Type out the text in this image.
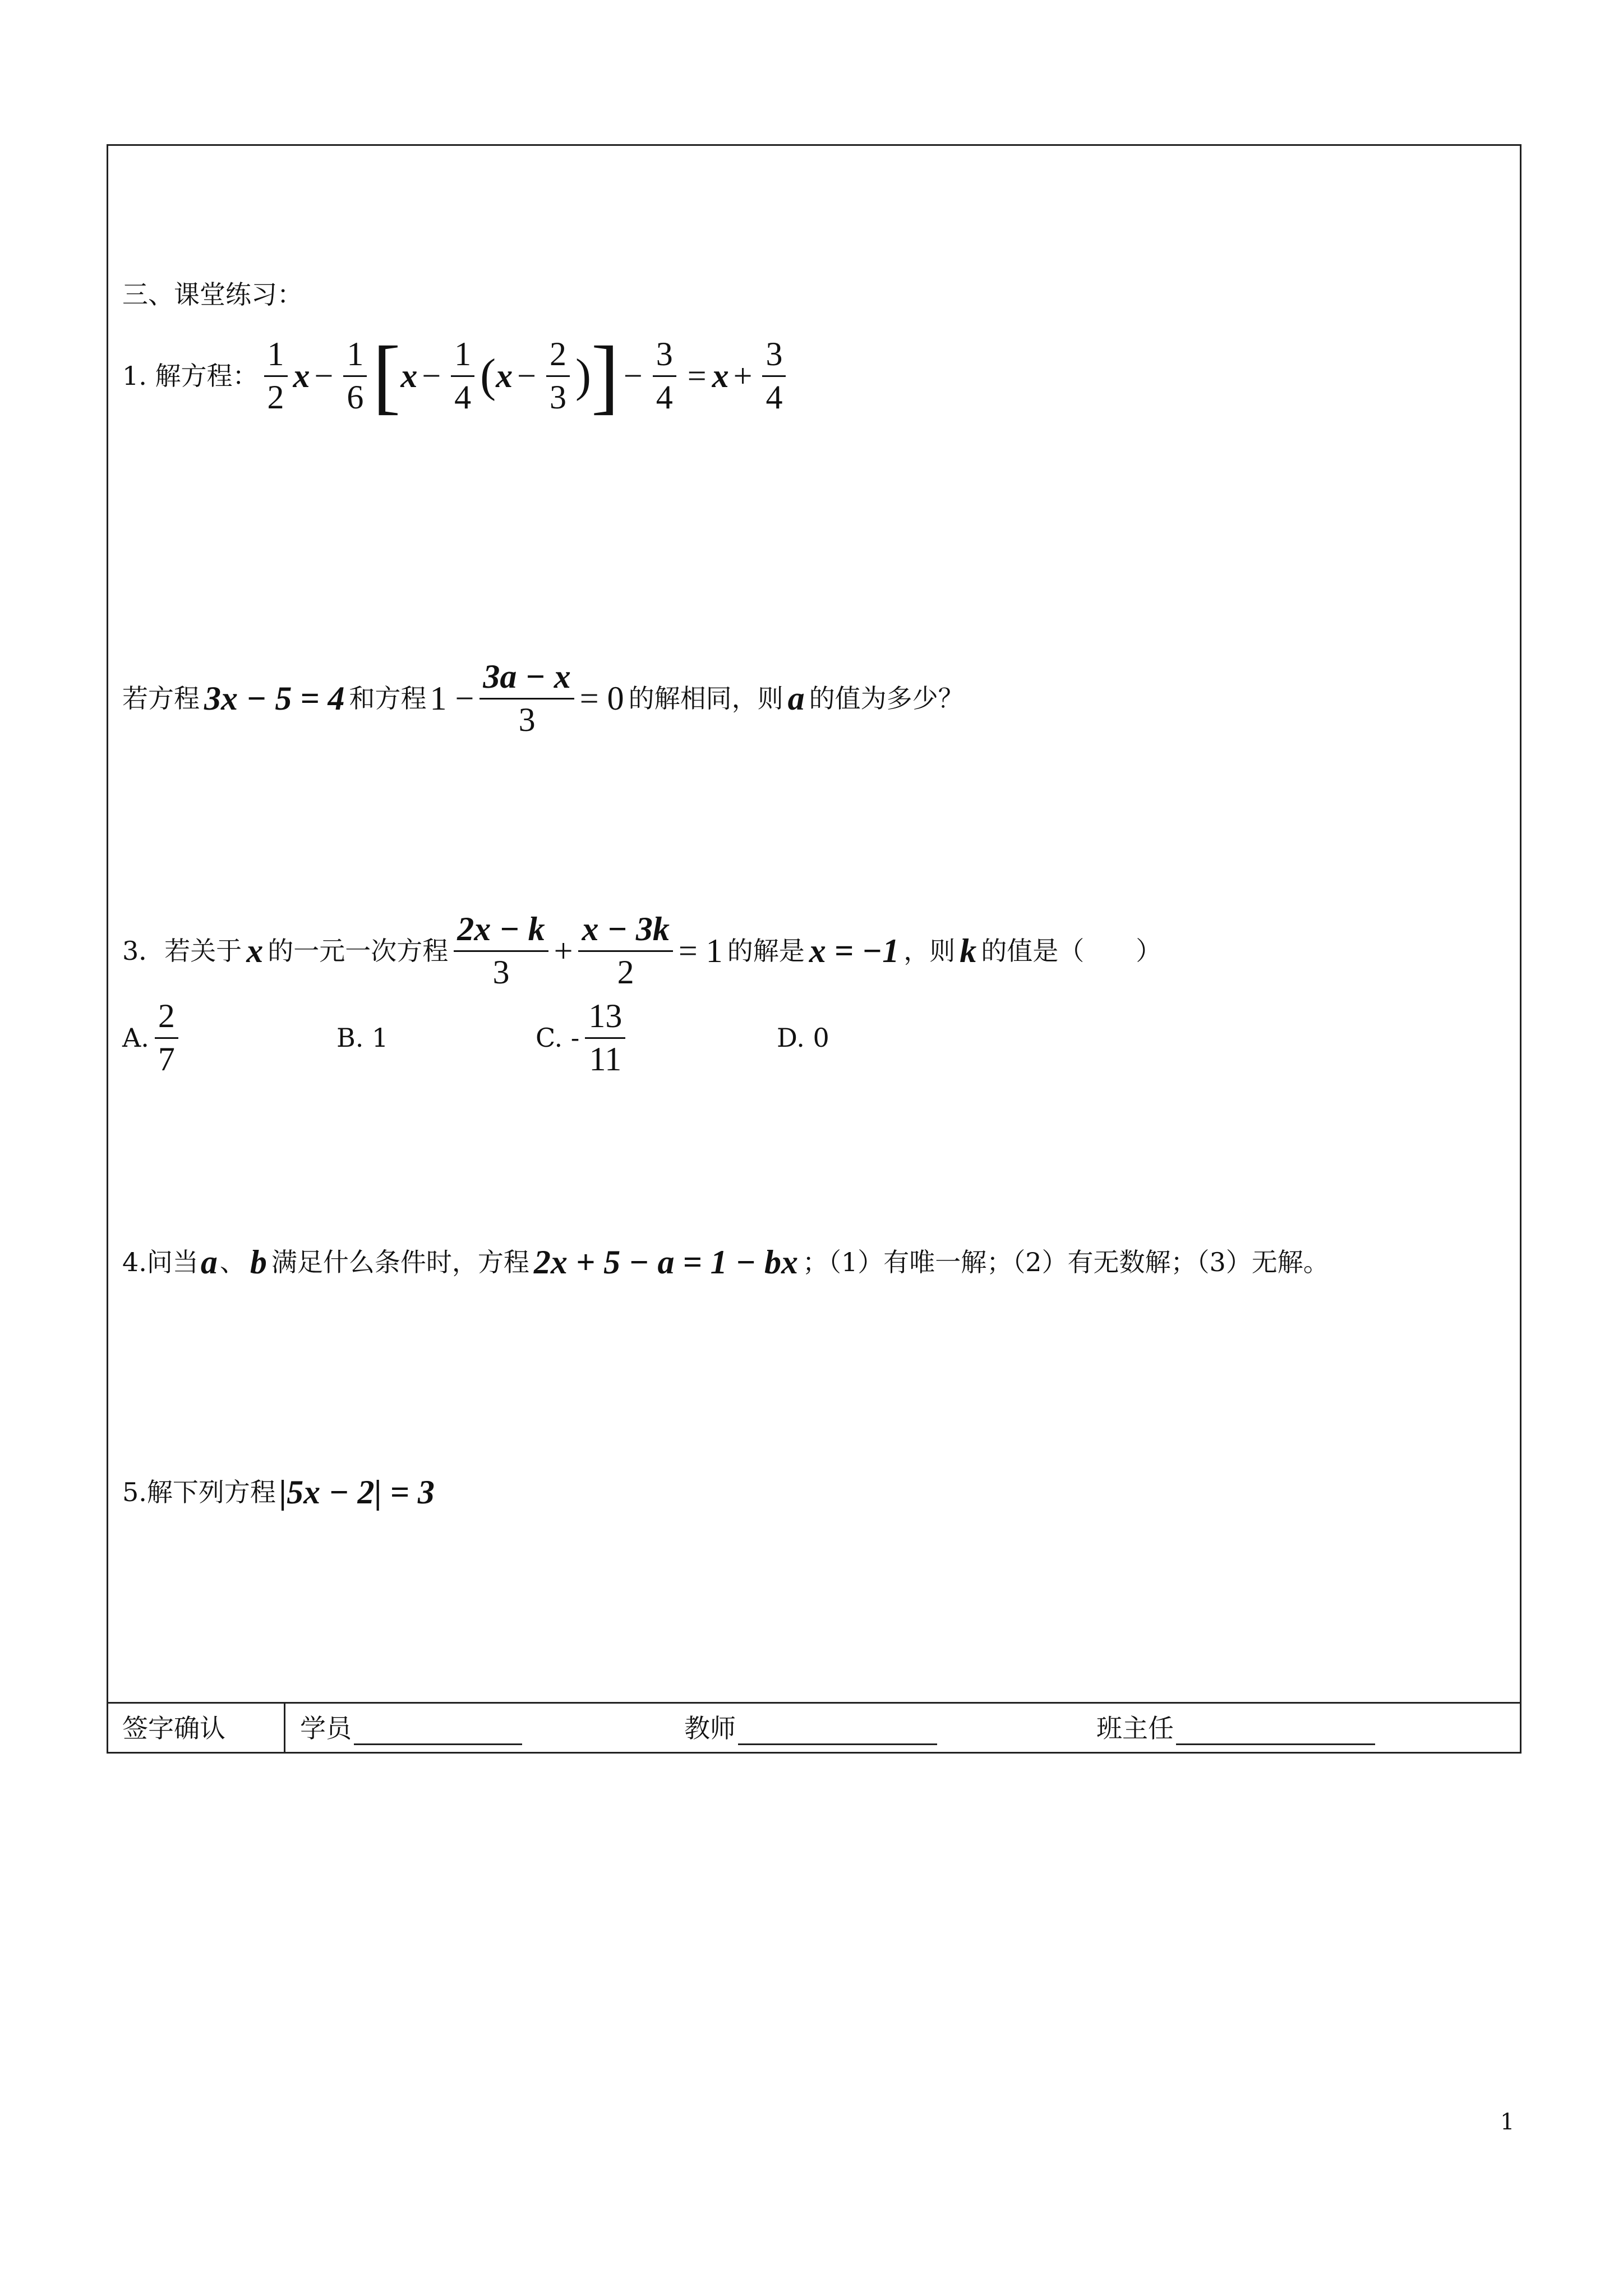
三、课堂练习：
1. 解方程： $\frac{1}{2}$ $x - \frac{1}{6}$ [ $x - \frac{1}{4}$ ( $x - \frac{2}{3}$ ) ] − $\frac{3}{4} = x + \frac{3}{4}$
若方程 3x − 5 = 4 和方程 $1 - \frac{3a - x}{3} = 0$ 的解相同，则 a 的值为多少？
3．若关于 x 的一元一次方程 $\frac{2x - k}{3} + \frac{x - 3k}{2} = 1$ 的解是 x = −1 ，则 k 的值是（　　）
A. $\frac{2}{7}$	B. 1	C. - $\frac{13}{11}$	D. 0
4.问当 a 、 b 满足什么条件时，方程 2x + 5 − a = 1 − bx ；（1）有唯一解；（2）有无数解；（3）无解。
5.解下列方程 |5x − 2| = 3
签字确认	学员	教师	班主任
1
